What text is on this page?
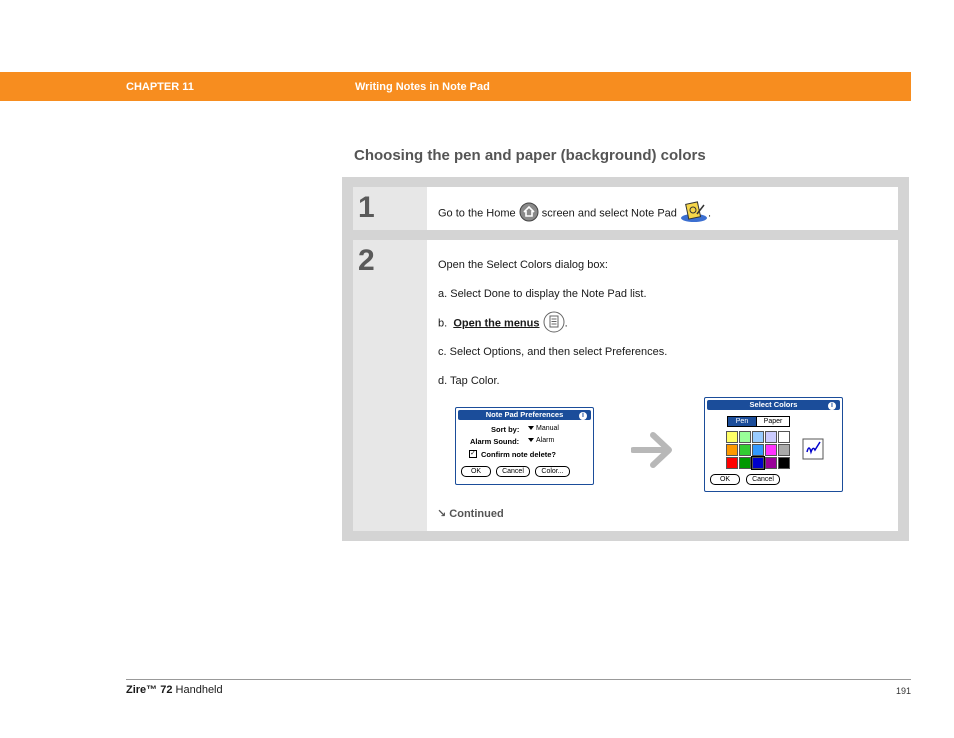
CHAPTER 11	Writing Notes in Note Pad
Choosing the pen and paper (background) colors
1	Go to the Home screen and select Note Pad	.
2	Open the Select Colors dialog box:
a. Select Done to display the Note Pad list.
b. Open the menus .
c. Select Options, and then select Preferences.
d. Tap Color.
Note Pad Preferences	i
Sort by:	Manual
Alarm Sound:	Alarm
✓ Confirm note delete?
OK	Cancel	Color...
Select Colors	i
Pen	Paper
OK	Cancel
↘ Continued
Zire™ 72 Handheld	191
